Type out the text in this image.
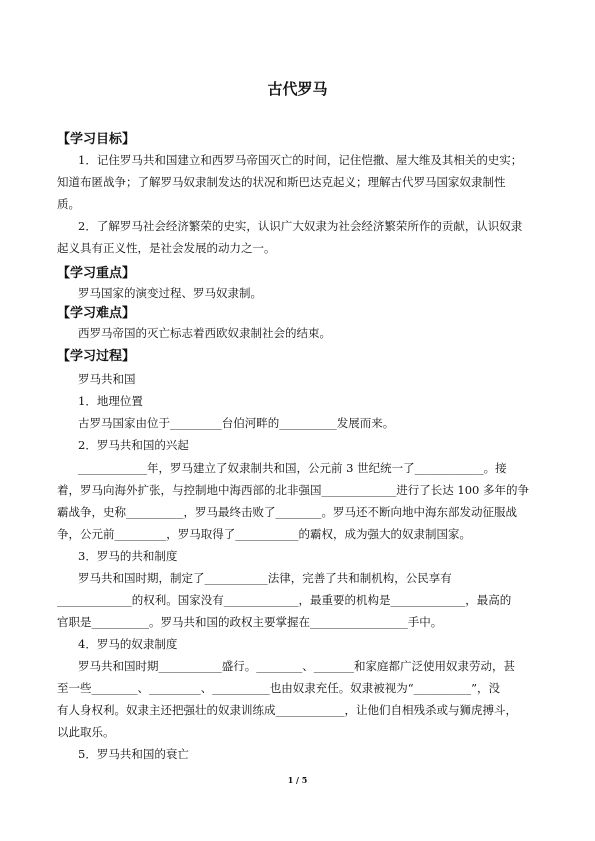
古代罗马
【学习目标】
1．记住罗马共和国建立和西罗马帝国灭亡的时间，记住恺撒、屋大维及其相关的史实；
知道布匿战争；了解罗马奴隶制发达的状况和斯巴达克起义；理解古代罗马国家奴隶制性
质。
2．了解罗马社会经济繁荣的史实，认识广大奴隶为社会经济繁荣所作的贡献，认识奴隶
起义具有正义性，是社会发展的动力之一。
【学习重点】
罗马国家的演变过程、罗马奴隶制。
【学习难点】
西罗马帝国的灭亡标志着西欧奴隶制社会的结束。
【学习过程】
罗马共和国
1．地理位置
古罗马国家由位于_________台伯河畔的__________发展而来。
2．罗马共和国的兴起
____________年，罗马建立了奴隶制共和国，公元前 3 世纪统一了____________。接
着，罗马向海外扩张，与控制地中海西部的北非强国_____________进行了长达 100 多年的争
霸战争，史称__________，罗马最终击败了________。罗马还不断向地中海东部发动征服战
争，公元前_________，罗马取得了___________的霸权，成为强大的奴隶制国家。
3．罗马的共和制度
罗马共和国时期，制定了___________法律，完善了共和制机构，公民享有
_____________的权利。国家没有_____________，最重要的机构是_____________，最高的
官职是__________。罗马共和国的政权主要掌握在_________________手中。
4．罗马的奴隶制度
罗马共和国时期___________盛行。________、_______和家庭都广泛使用奴隶劳动，甚
至一些________、_________、__________也由奴隶充任。奴隶被视为“__________”，没
有人身权利。奴隶主还把强壮的奴隶训练成____________，让他们自相残杀或与狮虎搏斗，
以此取乐。
5．罗马共和国的衰亡
1 / 5
